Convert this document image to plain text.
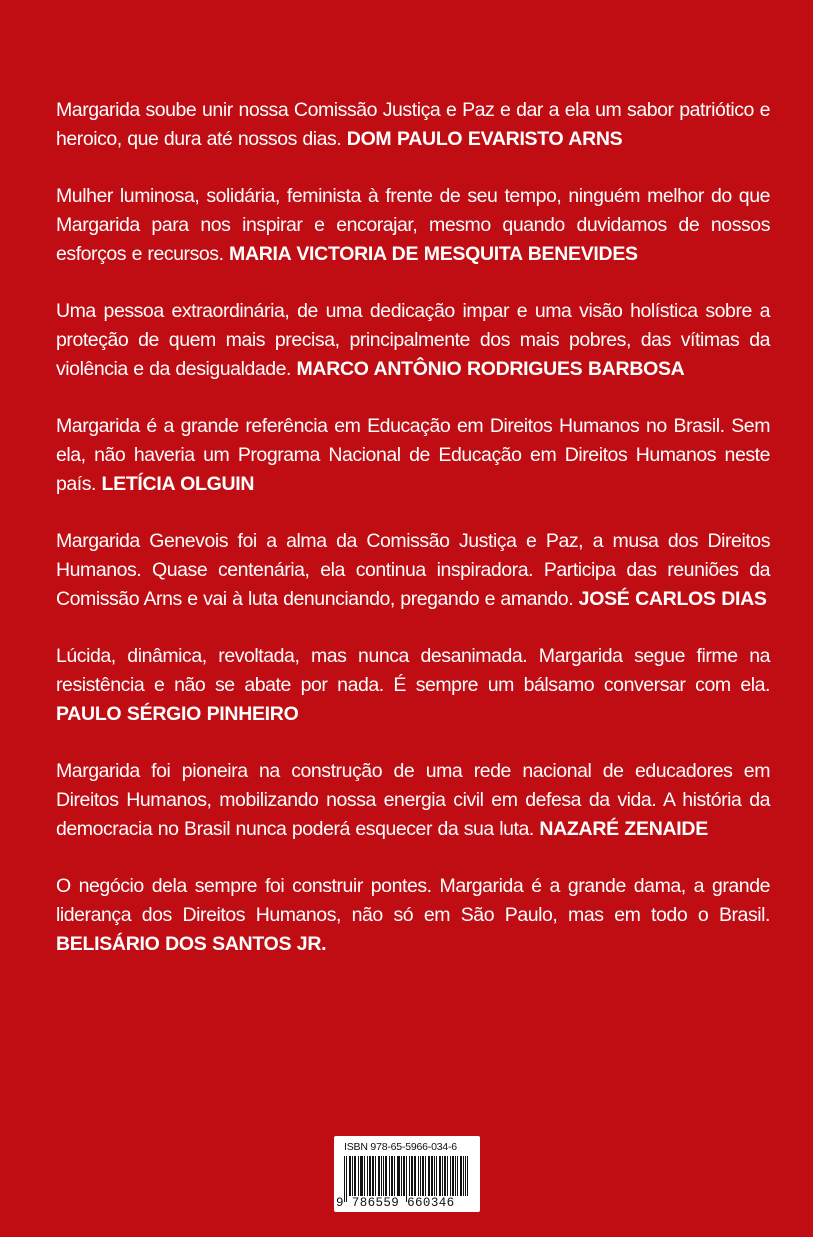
Margarida soube unir nossa Comissão Justiça e Paz e dar a ela um sabor patriótico e heroico, que dura até nossos dias. DOM PAULO EVARISTO ARNS

Mulher luminosa, solidária, feminista à frente de seu tempo, ninguém melhor do que Margarida para nos inspirar e encorajar, mesmo quando duvidamos de nossos esforços e recursos. MARIA VICTORIA DE MESQUITA BENEVIDES

Uma pessoa extraordinária, de uma dedicação impar e uma visão holística sobre a proteção de quem mais precisa, principalmente dos mais pobres, das vítimas da violência e da desigualdade. MARCO ANTÔNIO RODRIGUES BARBOSA

Margarida é a grande referência em Educação em Direitos Humanos no Brasil. Sem ela, não haveria um Programa Nacional de Educação em Direitos Humanos neste país. LETÍCIA OLGUIN

Margarida Genevois foi a alma da Comissão Justiça e Paz, a musa dos Direitos Humanos. Quase centenária, ela continua inspiradora. Participa das reuniões da Comissão Arns e vai à luta denunciando, pregando e amando. JOSÉ CARLOS DIAS

Lúcida, dinâmica, revoltada, mas nunca desanimada. Margarida segue firme na resistência e não se abate por nada. É sempre um bálsamo conversar com ela. PAULO SÉRGIO PINHEIRO

Margarida foi pioneira na construção de uma rede nacional de educadores em Direitos Humanos, mobilizando nossa energia civil em defesa da vida. A história da democracia no Brasil nunca poderá esquecer da sua luta. NAZARÉ ZENAIDE

O negócio dela sempre foi construir pontes. Margarida é a grande dama, a grande liderança dos Direitos Humanos, não só em São Paulo, mas em todo o Brasil. BELISÁRIO DOS SANTOS JR.

ISBN 978-65-5966-034-6
9 786559 660346
